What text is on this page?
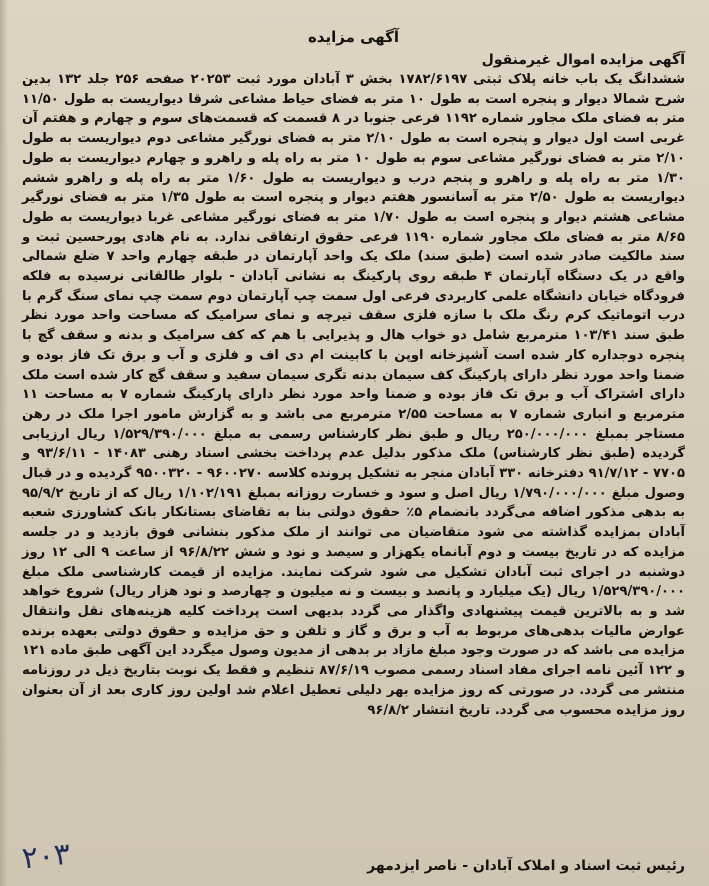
آگهی مزایده
آگهی مزایده اموال غیرمنقول

ششدانگ یک باب خانه پلاک ثبتی ۱۷۸۲/۶۱۹۷ بخش ۳ آبادان مورد ثبت ۲۰۲۵۳ صفحه ۲۵۶ جلد ۱۳۲ بدین شرح شمالا دیوار و پنجره است به طول ۱۰ متر به فضای حیاط مشاعی شرقا دیواریست به طول ۱۱/۵۰ متر به فضای ملک مجاور شماره ۱۱۹۲ فرعی جنوبا در ۸ قسمت که قسمت‌های سوم و چهارم و هفتم آن غربی است اول دیوار و پنجره است به طول ۲/۱۰ متر به فضای نورگیر مشاعی دوم دیواریست به طول ۲/۱۰ متر به فضای نورگیر مشاعی سوم به طول ۱۰ متر به راه پله و راهرو و چهارم دیواریست به طول ۱/۳۰ متر به راه پله و راهرو و پنجم درب و دیواریست به طول ۱/۶۰ متر به راه پله و راهرو ششم دیواریست به طول ۲/۵۰ متر به آسانسور هفتم دیوار و پنجره است به طول ۱/۳۵ متر به فضای نورگیر مشاعی هشتم دیوار و پنجره است به طول ۱/۷۰ متر به فضای نورگیر مشاعی غربا دیواریست به طول ۸/۶۵ متر به فضای ملک مجاور شماره ۱۱۹۰ فرعی حقوق ارتفاقی ندارد. به نام هادی پورحسین ثبت و سند مالکیت صادر شده است (طبق سند) ملک یک واحد آپارتمان در طبقه چهارم واحد ۷ ضلع شمالی واقع در یک دستگاه آپارتمان ۴ طبقه روی پارکینگ به نشانی آبادان - بلوار طالقانی نرسیده به فلکه فرودگاه خیابان دانشگاه علمی کاربردی فرعی اول سمت چپ آپارتمان دوم سمت چپ نمای سنگ گرم با درب اتوماتیک کرم رنگ ملک با سازه فلزی سقف تیرچه و نمای سرامیک که مساحت واحد مورد نظر طبق سند ۱۰۳/۴۱ مترمربع شامل دو خواب هال و پذیرایی با هم که کف سرامیک و بدنه و سقف گچ با پنجره دوجداره کار شده است آشپزخانه اوپن با کابینت ام دی اف و فلزی و آب و برق تک فاز بوده و ضمنا واحد مورد نظر دارای پارکینگ کف سیمان بدنه تگری سیمان سفید و سقف گچ کار شده است ملک دارای اشتراک آب و برق تک فاز بوده و ضمنا واحد مورد نظر دارای پارکینگ شماره ۷ به مساحت ۱۱ مترمربع و انباری شماره ۷ به مساحت ۲/۵۵ مترمربع می باشد و به گزارش مامور اجرا ملک در رهن مستاجر بمبلغ ۲۵۰/۰۰۰/۰۰۰ ریال و طبق نظر کارشناس رسمی به مبلغ ۱/۵۲۹/۳۹۰/۰۰۰ ریال ارزیابی گردیده (طبق نظر کارشناس) ملک مذکور بدلیل عدم پرداخت بخشی اسناد رهنی ۱۴۰۸۳ - ۹۳/۶/۱۱ و ۷۷۰۵ - ۹۱/۷/۱۲ دفترخانه ۳۳۰ آبادان منجر به تشکیل پرونده کلاسه ۹۶۰۰۲۷۰ - ۹۵۰۰۳۲۰ گردیده و در قبال وصول مبلغ ۱/۷۹۰/۰۰۰/۰۰۰ ریال اصل و سود و خسارت روزانه بمبلغ ۱/۱۰۲/۱۹۱ ریال که از تاریخ ۹۵/۹/۲ به بدهی مذکور اضافه می‌گردد بانضمام ۵٪ حقوق دولتی بنا به تقاضای بستانکار بانک کشاورزی شعبه آبادان بمزایده گذاشته می شود متقاضیان می توانند از ملک مذکور بنشانی فوق بازدید و در جلسه مزایده که در تاریخ بیست و دوم آبانماه یکهزار و سیصد و نود و شش ۹۶/۸/۲۲ از ساعت ۹ الی ۱۲ روز دوشنبه در اجرای ثبت آبادان تشکیل می شود شرکت نمایند. مزایده از قیمت کارشناسی ملک مبلغ ۱/۵۲۹/۳۹۰/۰۰۰ ریال (یک میلیارد و پانصد و بیست و نه میلیون و چهارصد و نود هزار ریال) شروع خواهد شد و به بالاترین قیمت پیشنهادی واگذار می گردد بدیهی است پرداخت کلیه هزینه‌های نقل وانتقال عوارض مالیات بدهی‌های مربوط به آب و برق و گاز و تلفن و حق مزایده و حقوق دولتی بعهده برنده مزایده می باشد که در صورت وجود مبلغ مازاد بر بدهی از مدیون وصول میگردد این آگهی طبق ماده ۱۲۱ و ۱۲۲ آئین نامه اجرای مفاد اسناد رسمی مصوب ۸۷/۶/۱۹ تنظیم و فقط یک نوبت بتاریخ ذیل در روزنامه منتشر می گردد. در صورتی که روز مزایده بهر دلیلی تعطیل اعلام شد اولین روز کاری بعد از آن بعنوان روز مزایده محسوب می گردد. تاریخ انتشار ۹۶/۸/۲

رئیس ثبت اسناد و املاک آبادان - ناصر ایزدمهر
۲۰۳
